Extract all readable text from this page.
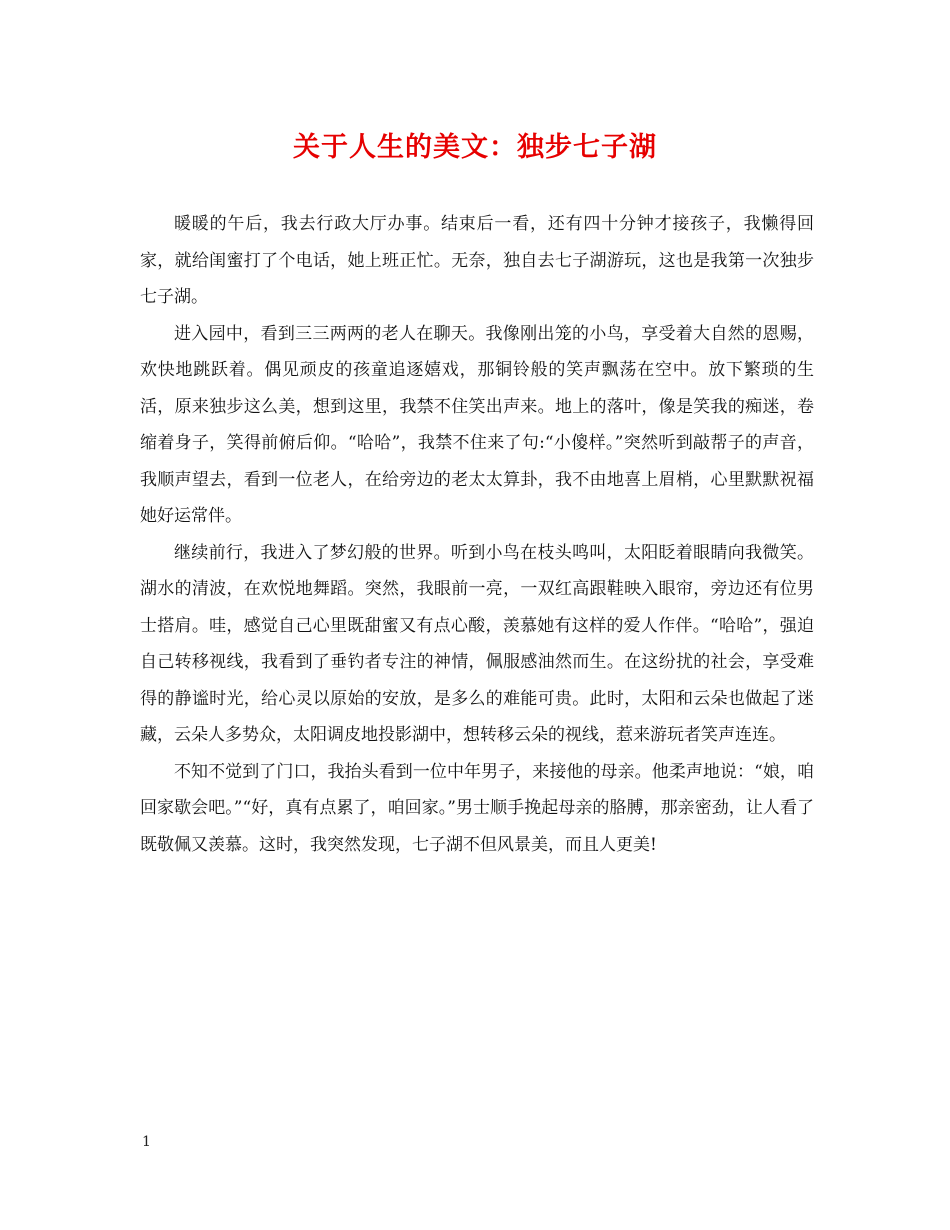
关于人生的美文：独步七子湖

暖暖的午后，我去行政大厅办事。结束后一看，还有四十分钟才接孩子，我懒得回家，就给闺蜜打了个电话，她上班正忙。无奈，独自去七子湖游玩，这也是我第一次独步七子湖。

进入园中，看到三三两两的老人在聊天。我像刚出笼的小鸟，享受着大自然的恩赐，欢快地跳跃着。偶见顽皮的孩童追逐嬉戏，那铜铃般的笑声飘荡在空中。放下繁琐的生活，原来独步这么美，想到这里，我禁不住笑出声来。地上的落叶，像是笑我的痴迷，卷缩着身子，笑得前俯后仰。“哈哈”，我禁不住来了句:“小傻样。”突然听到敲帮子的声音，我顺声望去，看到一位老人，在给旁边的老太太算卦，我不由地喜上眉梢，心里默默祝福她好运常伴。

继续前行，我进入了梦幻般的世界。听到小鸟在枝头鸣叫，太阳眨着眼睛向我微笑。湖水的清波，在欢悦地舞蹈。突然，我眼前一亮，一双红高跟鞋映入眼帘，旁边还有位男士搭肩。哇，感觉自己心里既甜蜜又有点心酸，羡慕她有这样的爱人作伴。“哈哈”，强迫自己转移视线，我看到了垂钓者专注的神情，佩服感油然而生。在这纷扰的社会，享受难得的静谧时光，给心灵以原始的安放，是多么的难能可贵。此时，太阳和云朵也做起了迷藏，云朵人多势众，太阳调皮地投影湖中，想转移云朵的视线，惹来游玩者笑声连连。

不知不觉到了门口，我抬头看到一位中年男子，来接他的母亲。他柔声地说：“娘，咱回家歇会吧。”“好，真有点累了，咱回家。”男士顺手挽起母亲的胳膊，那亲密劲，让人看了既敬佩又羡慕。这时，我突然发现，七子湖不但风景美，而且人更美!

1
